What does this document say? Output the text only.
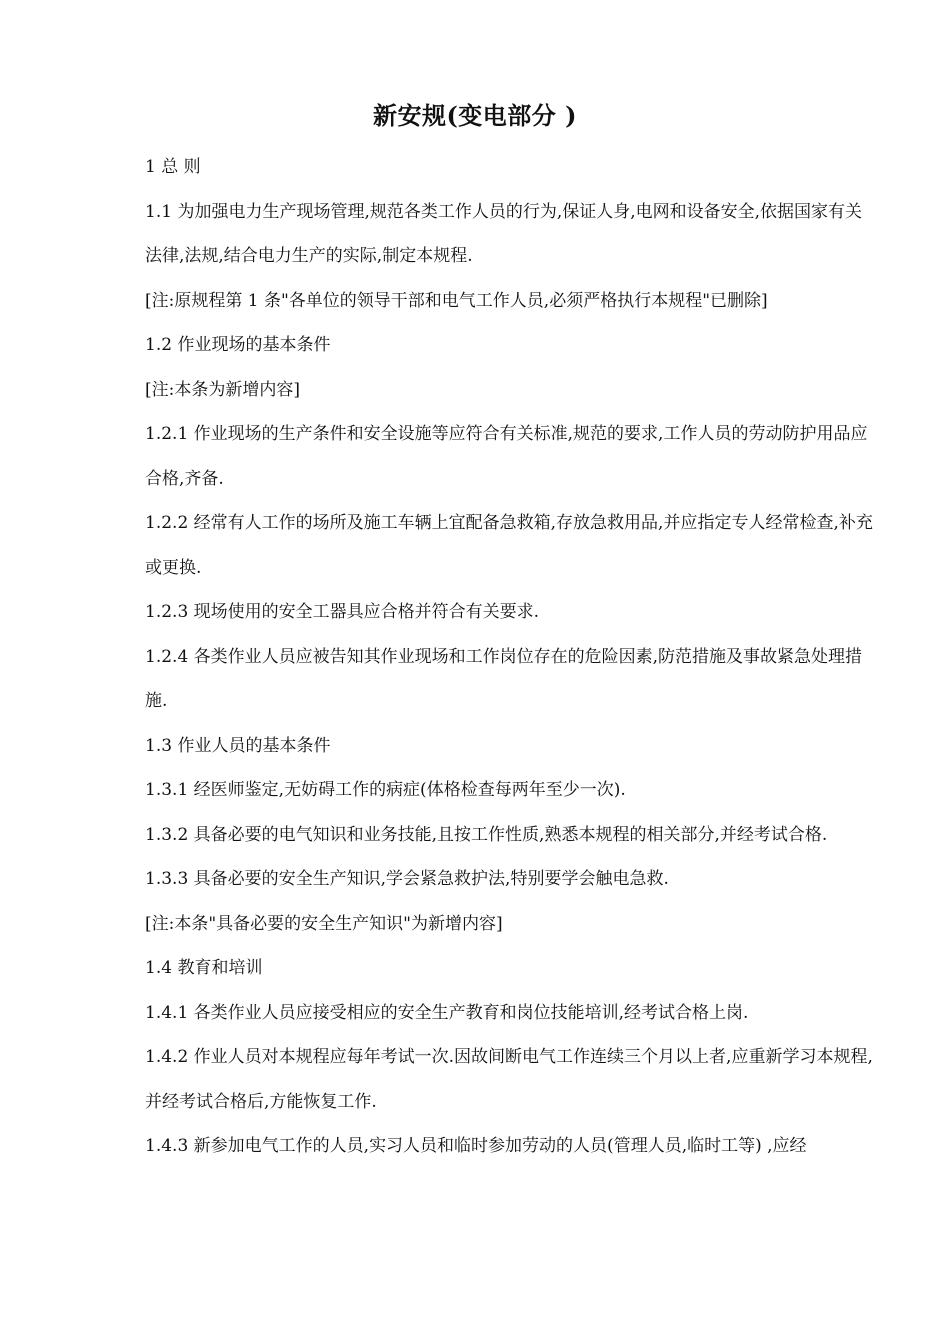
新安规(变电部分 )

1 总 则

1.1 为加强电力生产现场管理,规范各类工作人员的行为,保证人身,电网和设备安全,依据国家有关法律,法规,结合电力生产的实际,制定本规程.

[注:原规程第 1 条"各单位的领导干部和电气工作人员,必须严格执行本规程"已删除]

1.2 作业现场的基本条件

[注:本条为新增内容]

1.2.1 作业现场的生产条件和安全设施等应符合有关标准,规范的要求,工作人员的劳动防护用品应合格,齐备.

1.2.2 经常有人工作的场所及施工车辆上宜配备急救箱,存放急救用品,并应指定专人经常检查,补充或更换.

1.2.3 现场使用的安全工器具应合格并符合有关要求.

1.2.4 各类作业人员应被告知其作业现场和工作岗位存在的危险因素,防范措施及事故紧急处理措施.

1.3 作业人员的基本条件

1.3.1 经医师鉴定,无妨碍工作的病症(体格检查每两年至少一次).

1.3.2 具备必要的电气知识和业务技能,且按工作性质,熟悉本规程的相关部分,并经考试合格.

1.3.3 具备必要的安全生产知识,学会紧急救护法,特别要学会触电急救.

[注:本条"具备必要的安全生产知识"为新增内容]

1.4 教育和培训

1.4.1 各类作业人员应接受相应的安全生产教育和岗位技能培训,经考试合格上岗.

1.4.2 作业人员对本规程应每年考试一次.因故间断电气工作连续三个月以上者,应重新学习本规程,并经考试合格后,方能恢复工作.

1.4.3 新参加电气工作的人员,实习人员和临时参加劳动的人员(管理人员,临时工等) ,应经
